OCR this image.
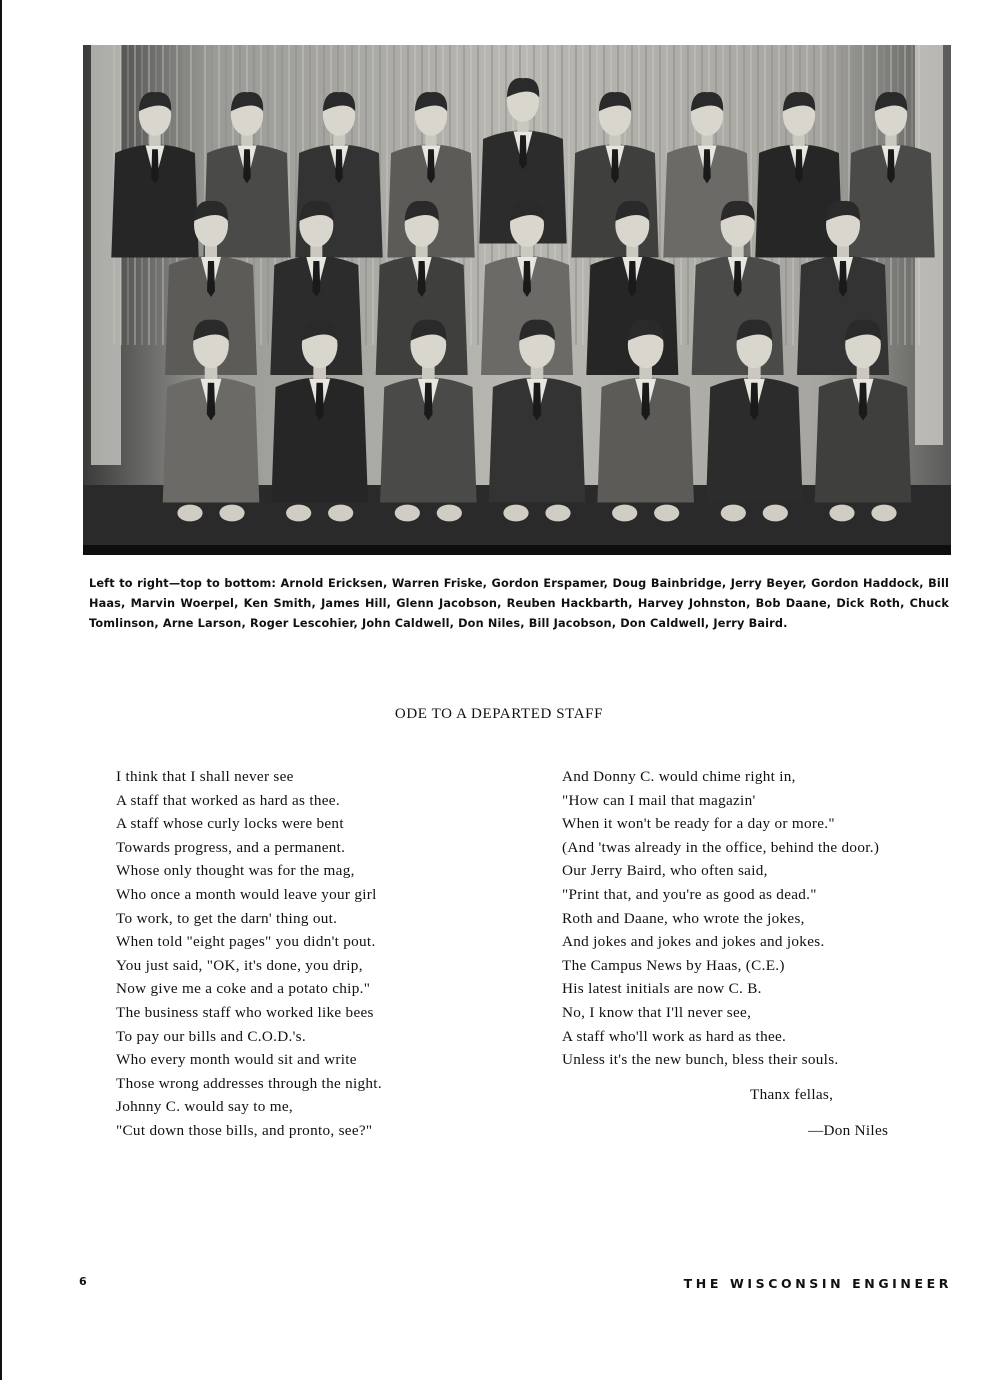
Left to right—top to bottom: Arnold Ericksen, Warren Friske, Gordon Erspamer, Doug Bainbridge, Jerry Beyer, Gordon Haddock, Bill Haas, Marvin Woerpel, Ken Smith, James Hill, Glenn Jacobson, Reuben Hackbarth, Harvey Johnston, Bob Daane, Dick Roth, Chuck Tomlinson, Arne Larson, Roger Lescohier, John Caldwell, Don Niles, Bill Jacobson, Don Caldwell, Jerry Baird.
ODE TO A DEPARTED STAFF
I think that I shall never see
A staff that worked as hard as thee.
A staff whose curly locks were bent
Towards progress, and a permanent.
Whose only thought was for the mag,
Who once a month would leave your girl
To work, to get the darn' thing out.
When told "eight pages" you didn't pout.
You just said, "OK, it's done, you drip,
Now give me a coke and a potato chip."
The business staff who worked like bees
To pay our bills and C.O.D.'s.
Who every month would sit and write
Those wrong addresses through the night.
Johnny C. would say to me,
"Cut down those bills, and pronto, see?"
And Donny C. would chime right in,
"How can I mail that magazin'
When it won't be ready for a day or more."
(And 'twas already in the office, behind the door.)
Our Jerry Baird, who often said,
"Print that, and you're as good as dead."
Roth and Daane, who wrote the jokes,
And jokes and jokes and jokes and jokes.
The Campus News by Haas, (C.E.)
His latest initials are now C. B.
No, I know that I'll never see,
A staff who'll work as hard as thee.
Unless it's the new bunch, bless their souls.
Thanx fellas,
—Don Niles
6	THE WISCONSIN ENGINEER
